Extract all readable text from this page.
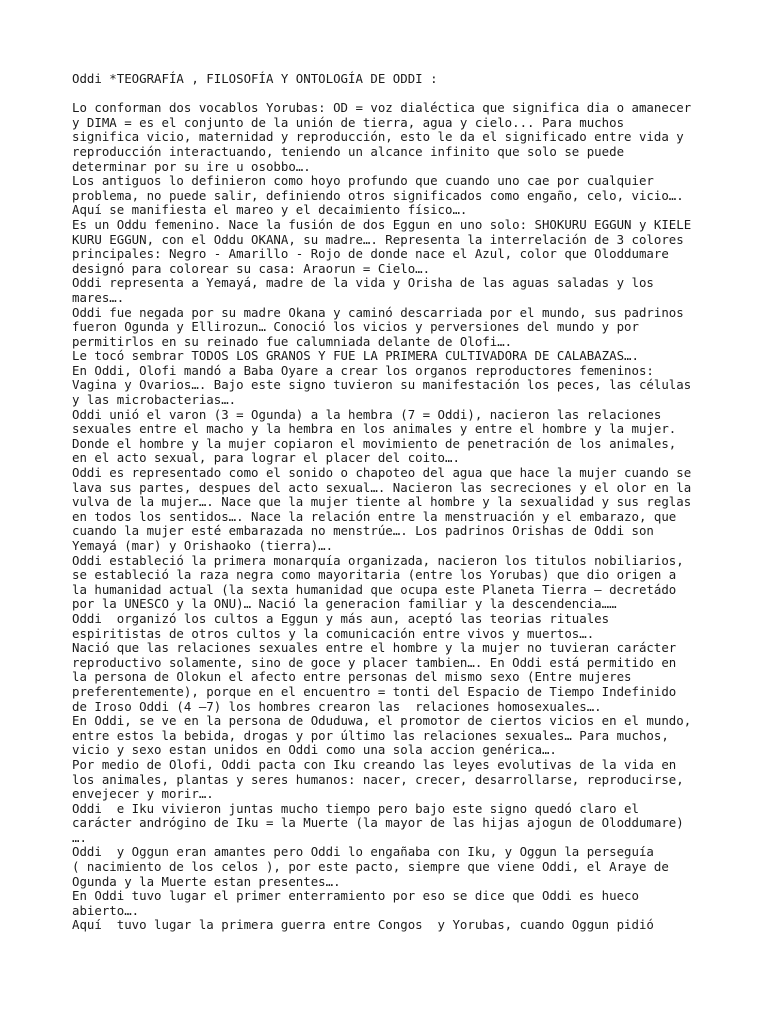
Oddi *TEOGRAFÍA , FILOSOFÍA Y ONTOLOGÍA DE ODDI :
Lo conforman dos vocablos Yorubas: OD = voz dialéctica que significa dia o amanecer
y DIMA = es el conjunto de la unión de tierra, agua y cielo... Para muchos
significa vicio, maternidad y reproducción, esto le da el significado entre vida y
reproducción interactuando, teniendo un alcance infinito que solo se puede
determinar por su ire u osobbo….
Los antiguos lo definieron como hoyo profundo que cuando uno cae por cualquier
problema, no puede salir, definiendo otros significados como engaño, celo, vicio….
Aquí se manifiesta el mareo y el decaimiento físico….
Es un Oddu femenino. Nace la fusión de dos Eggun en uno solo: SHOKURU EGGUN y KIELE
KURU EGGUN, con el Oddu OKANA, su madre…. Representa la interrelación de 3 colores
principales: Negro - Amarillo - Rojo de donde nace el Azul, color que Oloddumare
designó para colorear su casa: Araorun = Cielo….
Oddi representa a Yemayá, madre de la vida y Orisha de las aguas saladas y los
mares….
Oddi fue negada por su madre Okana y caminó descarriada por el mundo, sus padrinos
fueron Ogunda y Ellirozun… Conoció los vicios y perversiones del mundo y por
permitirlos en su reinado fue calumniada delante de Olofi….
Le tocó sembrar TODOS LOS GRANOS Y FUE LA PRIMERA CULTIVADORA DE CALABAZAS….
En Oddi, Olofi mandó a Baba Oyare a crear los organos reproductores femeninos:
Vagina y Ovarios…. Bajo este signo tuvieron su manifestación los peces, las células
y las microbacterias….
Oddi unió el varon (3 = Ogunda) a la hembra (7 = Oddi), nacieron las relaciones
sexuales entre el macho y la hembra en los animales y entre el hombre y la mujer.
Donde el hombre y la mujer copiaron el movimiento de penetración de los animales,
en el acto sexual, para lograr el placer del coito….
Oddi es representado como el sonido o chapoteo del agua que hace la mujer cuando se
lava sus partes, despues del acto sexual…. Nacieron las secreciones y el olor en la
vulva de la mujer…. Nace que la mujer tiente al hombre y la sexualidad y sus reglas
en todos los sentidos…. Nace la relación entre la menstruación y el embarazo, que
cuando la mujer esté embarazada no menstrúe…. Los padrinos Orishas de Oddi son
Yemayá (mar) y Orishaoko (tierra)….
Oddi estableció la primera monarquía organizada, nacieron los titulos nobiliarios,
se estableció la raza negra como mayoritaria (entre los Yorubas) que dio origen a
la humanidad actual (la sexta humanidad que ocupa este Planeta Tierra – decretádo
por la UNESCO y la ONU)… Nació la generacion familiar y la descendencia……
Oddi  organizó los cultos a Eggun y más aun, aceptó las teorias rituales
espiritistas de otros cultos y la comunicación entre vivos y muertos….
Nació que las relaciones sexuales entre el hombre y la mujer no tuvieran carácter
reproductivo solamente, sino de goce y placer tambien…. En Oddi está permitido en
la persona de Olokun el afecto entre personas del mismo sexo (Entre mujeres
preferentemente), porque en el encuentro = tonti del Espacio de Tiempo Indefinido
de Iroso Oddi (4 –7) los hombres crearon las  relaciones homosexuales….
En Oddi, se ve en la persona de Oduduwa, el promotor de ciertos vicios en el mundo,
entre estos la bebida, drogas y por último las relaciones sexuales… Para muchos,
vicio y sexo estan unidos en Oddi como una sola accion genérica….
Por medio de Olofi, Oddi pacta con Iku creando las leyes evolutivas de la vida en
los animales, plantas y seres humanos: nacer, crecer, desarrollarse, reproducirse,
envejecer y morir….
Oddi  e Iku vivieron juntas mucho tiempo pero bajo este signo quedó claro el
carácter andrógino de Iku = la Muerte (la mayor de las hijas ajogun de Oloddumare)
….
Oddi  y Oggun eran amantes pero Oddi lo engañaba con Iku, y Oggun la perseguía
( nacimiento de los celos ), por este pacto, siempre que viene Oddi, el Araye de
Ogunda y la Muerte estan presentes….
En Oddi tuvo lugar el primer enterramiento por eso se dice que Oddi es hueco
abierto….
Aquí  tuvo lugar la primera guerra entre Congos  y Yorubas, cuando Oggun pidió
